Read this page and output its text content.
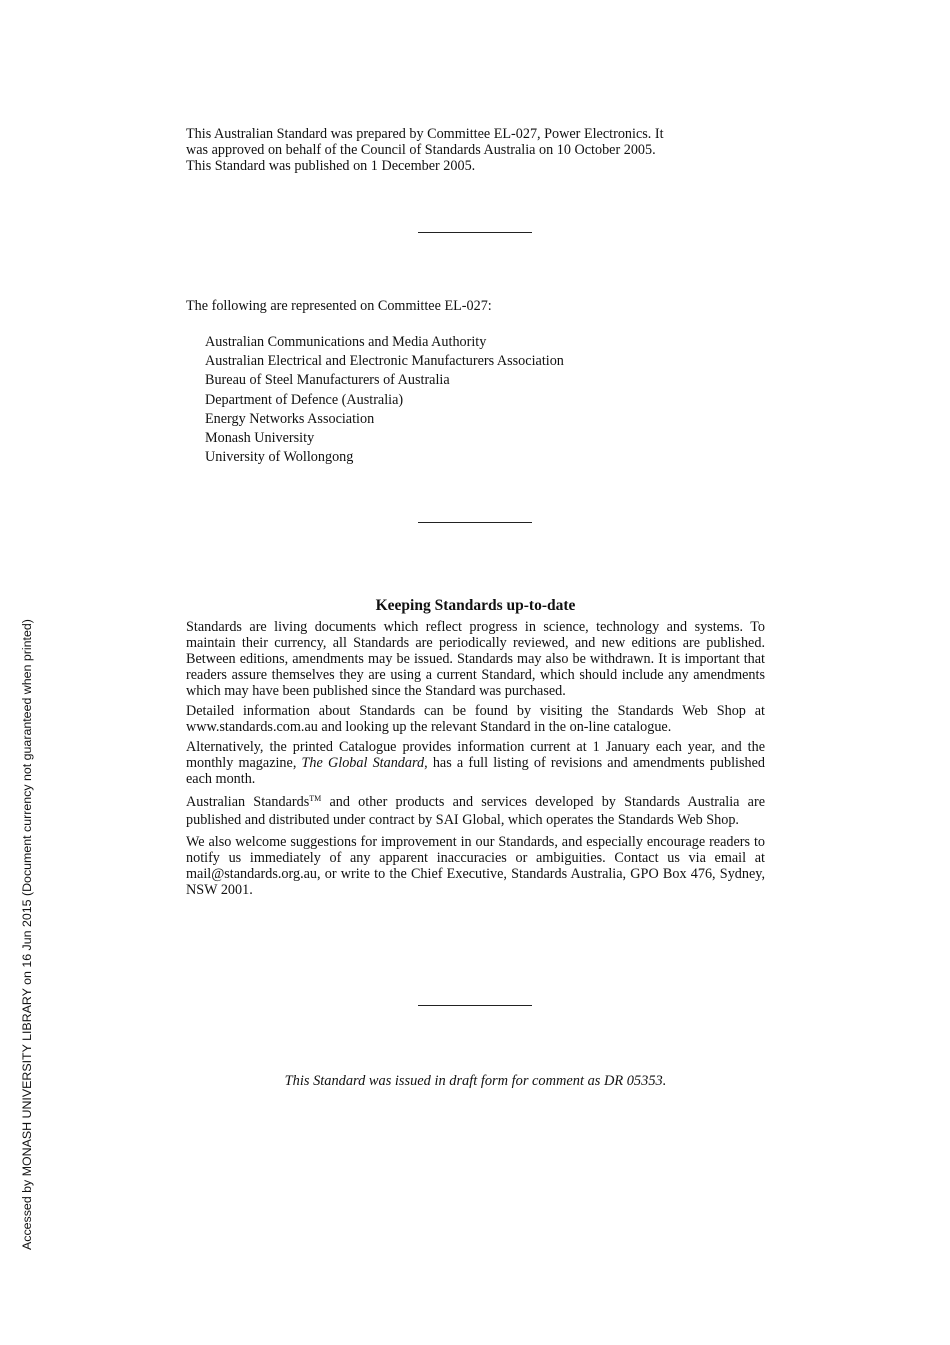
This Australian Standard was prepared by Committee EL-027, Power Electronics. It
was approved on behalf of the Council of Standards Australia on 10 October 2005.
This Standard was published on 1 December 2005.
The following are represented on Committee EL-027:
Australian Communications and Media Authority
Australian Electrical and Electronic Manufacturers Association
Bureau of Steel Manufacturers of Australia
Department of Defence (Australia)
Energy Networks Association
Monash University
University of Wollongong
Keeping Standards up-to-date

Standards are living documents which reflect progress in science, technology and systems. To maintain their currency, all Standards are periodically reviewed, and new editions are published. Between editions, amendments may be issued. Standards may also be withdrawn. It is important that readers assure themselves they are using a current Standard, which should include any amendments which may have been published since the Standard was purchased.

Detailed information about Standards can be found by visiting the Standards Web Shop at www.standards.com.au and looking up the relevant Standard in the on-line catalogue.

Alternatively, the printed Catalogue provides information current at 1 January each year, and the monthly magazine, The Global Standard, has a full listing of revisions and amendments published each month.

Australian Standards™ and other products and services developed by Standards Australia are published and distributed under contract by SAI Global, which operates the Standards Web Shop.

We also welcome suggestions for improvement in our Standards, and especially encourage readers to notify us immediately of any apparent inaccuracies or ambiguities. Contact us via email at mail@standards.org.au, or write to the Chief Executive, Standards Australia, GPO Box 476, Sydney, NSW 2001.

This Standard was issued in draft form for comment as DR 05353.
Accessed by MONASH UNIVERSITY LIBRARY on 16 Jun 2015 (Document currency not guaranteed when printed)
